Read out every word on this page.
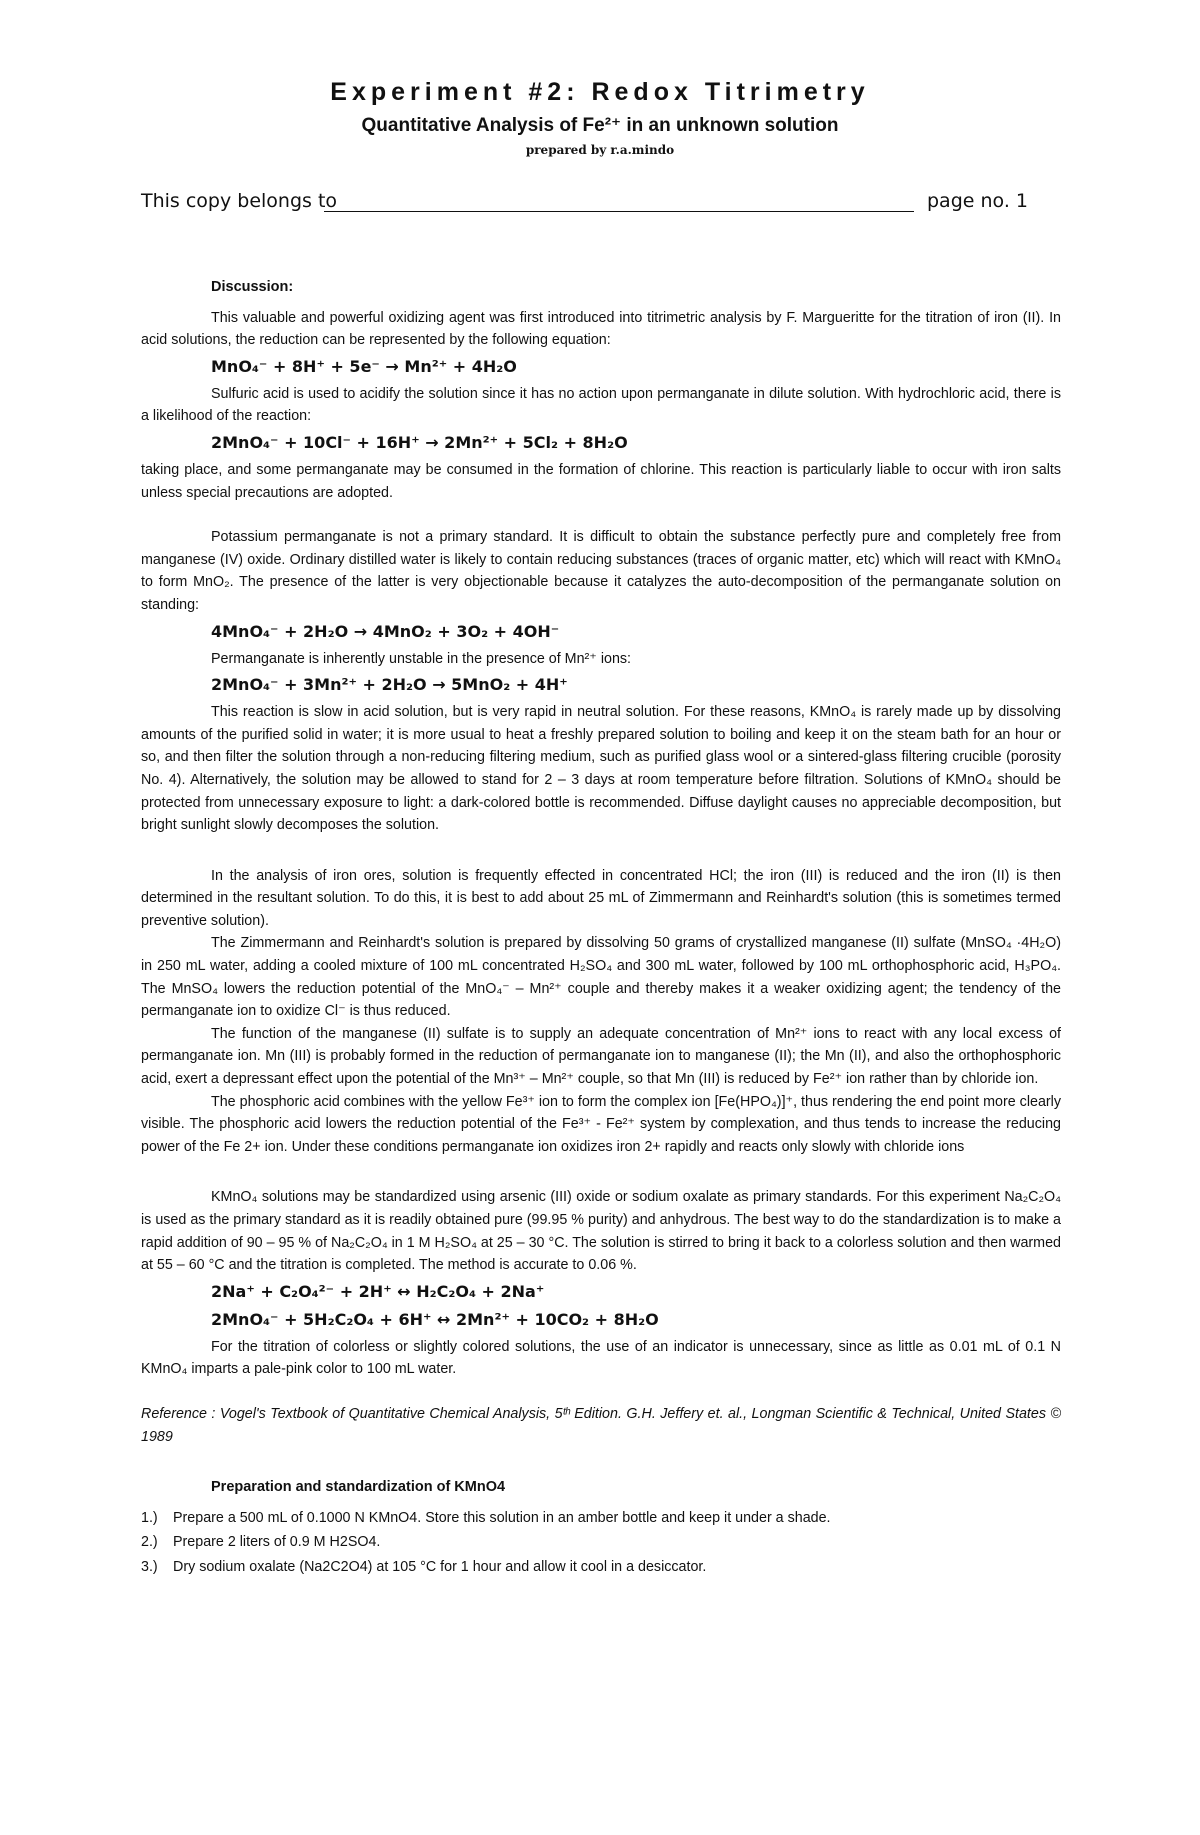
Experiment #2: Redox Titrimetry
Quantitative Analysis of Fe²⁺ in an unknown solution
prepared by r.a.mindo
This copy belongs to	page no. 1
Discussion:

This valuable and powerful oxidizing agent was first introduced into titrimetric analysis by F. Margueritte for the titration of iron (II). In acid solutions, the reduction can be represented by the following equation:

MnO₄⁻ + 8H⁺ + 5e⁻ → Mn²⁺ + 4H₂O

Sulfuric acid is used to acidify the solution since it has no action upon permanganate in dilute solution. With hydrochloric acid, there is a likelihood of the reaction:

2MnO₄⁻ + 10Cl⁻ + 16H⁺ → 2Mn²⁺ + 5Cl₂ + 8H₂O

taking place, and some permanganate may be consumed in the formation of chlorine. This reaction is particularly liable to occur with iron salts unless special precautions are adopted.

Potassium permanganate is not a primary standard. It is difficult to obtain the substance perfectly pure and completely free from manganese (IV) oxide. Ordinary distilled water is likely to contain reducing substances (traces of organic matter, etc) which will react with KMnO₄ to form MnO₂. The presence of the latter is very objectionable because it catalyzes the auto-decomposition of the permanganate solution on standing:

4MnO₄⁻ + 2H₂O → 4MnO₂ + 3O₂ + 4OH⁻

Permanganate is inherently unstable in the presence of Mn²⁺ ions:

2MnO₄⁻ + 3Mn²⁺ + 2H₂O → 5MnO₂ + 4H⁺

This reaction is slow in acid solution, but is very rapid in neutral solution. For these reasons, KMnO₄ is rarely made up by dissolving amounts of the purified solid in water; it is more usual to heat a freshly prepared solution to boiling and keep it on the steam bath for an hour or so, and then filter the solution through a non-reducing filtering medium, such as purified glass wool or a sintered-glass filtering crucible (porosity No. 4). Alternatively, the solution may be allowed to stand for 2 – 3 days at room temperature before filtration. Solutions of KMnO₄ should be protected from unnecessary exposure to light: a dark-colored bottle is recommended. Diffuse daylight causes no appreciable decomposition, but bright sunlight slowly decomposes the solution.

In the analysis of iron ores, solution is frequently effected in concentrated HCl; the iron (III) is reduced and the iron (II) is then determined in the resultant solution. To do this, it is best to add about 25 mL of Zimmermann and Reinhardt's solution (this is sometimes termed preventive solution).

The Zimmermann and Reinhardt's solution is prepared by dissolving 50 grams of crystallized manganese (II) sulfate (MnSO₄ ·4H₂O) in 250 mL water, adding a cooled mixture of 100 mL concentrated H₂SO₄ and 300 mL water, followed by 100 mL orthophosphoric acid, H₃PO₄. The MnSO₄ lowers the reduction potential of the MnO₄⁻ – Mn²⁺ couple and thereby makes it a weaker oxidizing agent; the tendency of the permanganate ion to oxidize Cl⁻ is thus reduced.

The function of the manganese (II) sulfate is to supply an adequate concentration of Mn²⁺ ions to react with any local excess of permanganate ion. Mn (III) is probably formed in the reduction of permanganate ion to manganese (II); the Mn (II), and also the orthophosphoric acid, exert a depressant effect upon the potential of the Mn³⁺ – Mn²⁺ couple, so that Mn (III) is reduced by Fe²⁺ ion rather than by chloride ion.

The phosphoric acid combines with the yellow Fe³⁺ ion to form the complex ion [Fe(HPO₄)]⁺, thus rendering the end point more clearly visible. The phosphoric acid lowers the reduction potential of the Fe³⁺ - Fe²⁺ system by complexation, and thus tends to increase the reducing power of the Fe 2+ ion. Under these conditions permanganate ion oxidizes iron 2+ rapidly and reacts only slowly with chloride ions

KMnO₄ solutions may be standardized using arsenic (III) oxide or sodium oxalate as primary standards. For this experiment Na₂C₂O₄ is used as the primary standard as it is readily obtained pure (99.95 % purity) and anhydrous. The best way to do the standardization is to make a rapid addition of 90 – 95 % of Na₂C₂O₄ in 1 M H₂SO₄ at 25 – 30 °C. The solution is stirred to bring it back to a colorless solution and then warmed at 55 – 60 °C and the titration is completed. The method is accurate to 0.06 %.

2Na⁺ + C₂O₄²⁻ + 2H⁺ ↔ H₂C₂O₄ + 2Na⁺
2MnO₄⁻ + 5H₂C₂O₄ + 6H⁺ ↔ 2Mn²⁺ + 10CO₂ + 8H₂O

For the titration of colorless or slightly colored solutions, the use of an indicator is unnecessary, since as little as 0.01 mL of 0.1 N KMnO₄ imparts a pale-pink color to 100 mL water.

Reference : Vogel's Textbook of Quantitative Chemical Analysis, 5ᵗʰ Edition. G.H. Jeffery et. al., Longman Scientific & Technical, United States © 1989

Preparation and standardization of KMnO4
1.) Prepare a 500 mL of 0.1000 N KMnO4. Store this solution in an amber bottle and keep it under a shade.
2.) Prepare 2 liters of 0.9 M H2SO4.
3.) Dry sodium oxalate (Na2C2O4) at 105 °C for 1 hour and allow it cool in a desiccator.
